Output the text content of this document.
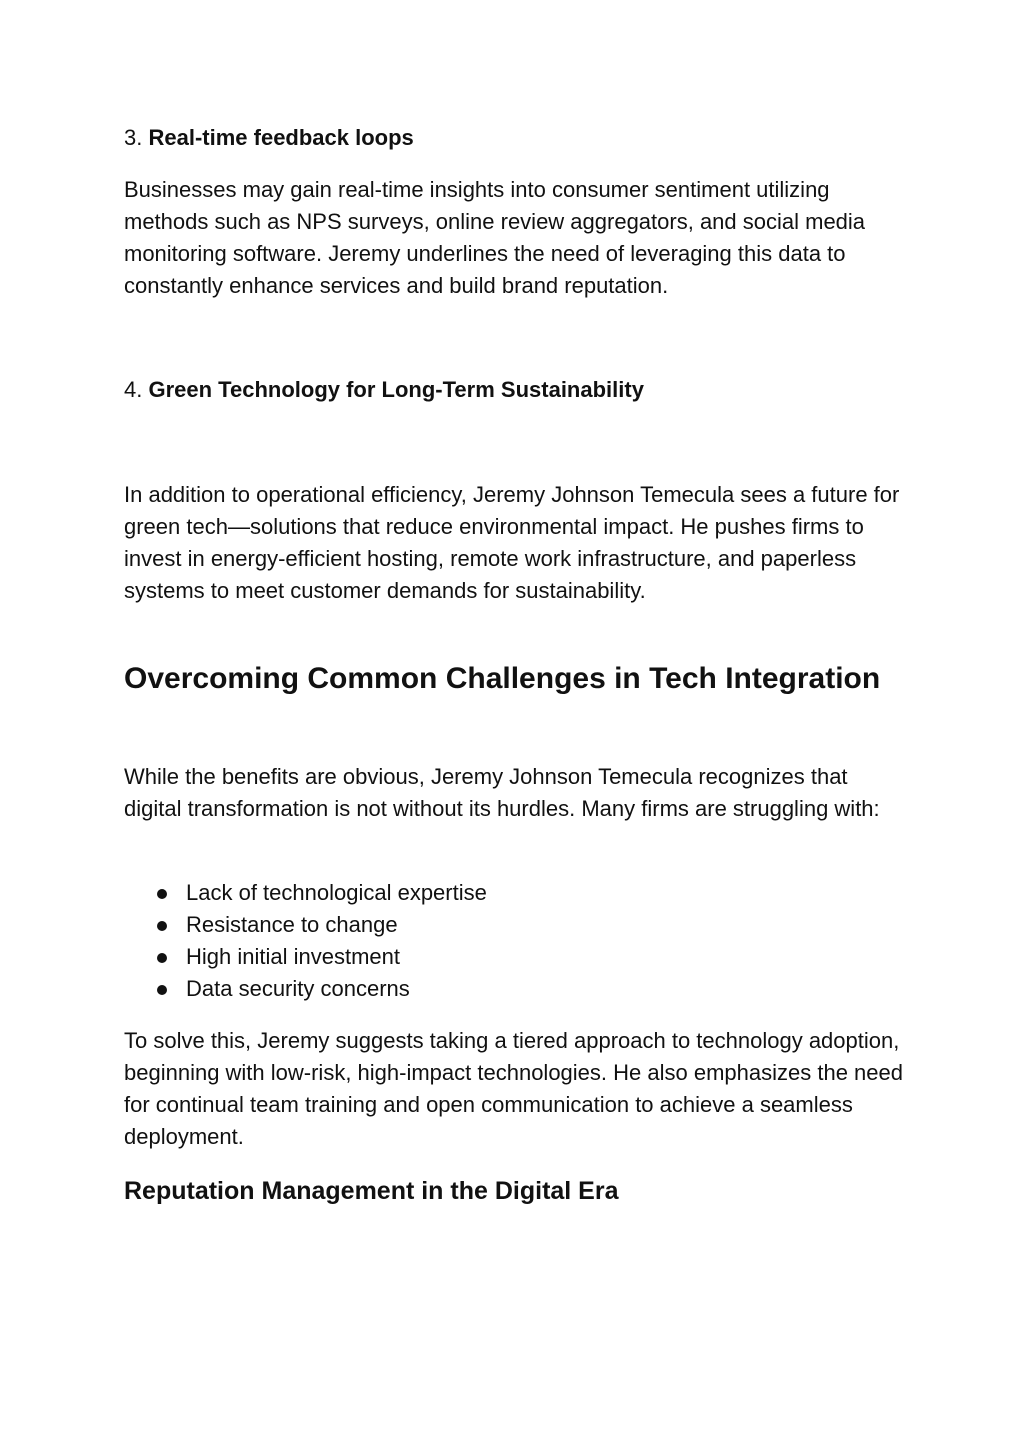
3. Real-time feedback loops

Businesses may gain real-time insights into consumer sentiment utilizing methods such as NPS surveys, online review aggregators, and social media monitoring software. Jeremy underlines the need of leveraging this data to constantly enhance services and build brand reputation.

4. Green Technology for Long-Term Sustainability

In addition to operational efficiency, Jeremy Johnson Temecula sees a future for green tech—solutions that reduce environmental impact. He pushes firms to invest in energy-efficient hosting, remote work infrastructure, and paperless systems to meet customer demands for sustainability.

Overcoming Common Challenges in Tech Integration

While the benefits are obvious, Jeremy Johnson Temecula recognizes that digital transformation is not without its hurdles. Many firms are struggling with:

Lack of technological expertise
Resistance to change
High initial investment
Data security concerns

To solve this, Jeremy suggests taking a tiered approach to technology adoption, beginning with low-risk, high-impact technologies. He also emphasizes the need for continual team training and open communication to achieve a seamless deployment.

Reputation Management in the Digital Era
